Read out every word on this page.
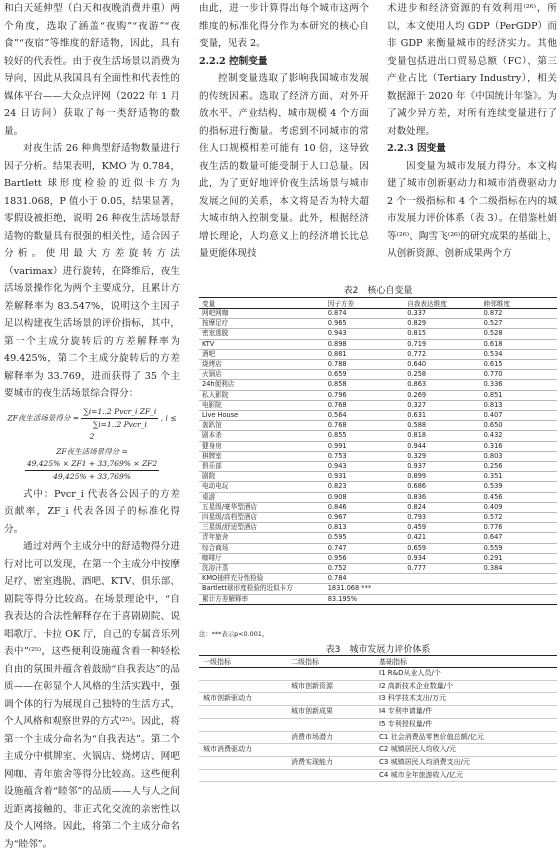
和白天延伸型（白天和夜晚消费并重）两个角度，选取了涵盖“夜购”“夜游”“夜食”“夜宿”等维度的舒适物，因此，具有较好的代表性。由于夜生活场景以消费为导向，因此从我国具有全面性和代表性的媒体平台——大众点评网（2022 年 1 月 24 日访问）获取了每一类舒适物的数量。

对夜生活 26 种典型舒适物数量进行因子分析。结果表明，KMO 为 0.784，Bartlett 球形度检验的近似卡方为 1831.068，P 值小于 0.05，结果显著，零假设被拒绝，说明 26 种夜生活场景舒适物的数量具有很强的相关性，适合因子分析。使用最大方差旋转方法（varimax）进行旋转，在降维后，夜生活场景操作化为两个主要成分，且累计方差解释率为 83.547%，说明这个主因子足以构建夜生活场景的评价指标，其中，第一个主成分旋转后的方差解释率为 49.425%，第二个主成分旋转后的方差解释率为 33.769，进而获得了 35 个主要城市的夜生活场景综合得分：

ZF夜生活场景得分 = $\frac{\text{∑i=1..2 Pvcr\_i ZF\_i}}{\text{∑i=1..2 Pvcr\_i}}$ , i ≤ 2
ZF夜生活场景得分 =
$\frac{49,425\% \times ZF1 + 33,769\% \times ZF2}{49,425\% + 33,769\%}$

式中：Pvcr_i 代表各公因子的方差贡献率，ZF_i 代表各因子的标准化得分。

通过对两个主成分中的舒适物得分进行对比可以发现，在第一个主成分中按摩足疗、密室逃脱、酒吧、KTV、俱乐部、剧院等得分比较高。在场景理论中，“自我表达的合法性解释存在于喜剧剧院、说唱歌厅、卡拉 OK 厅，自己的专属音乐列表中”⁽²⁵⁾，这些便利设施蕴含着一种轻松自由的氛围并蕴含着鼓励“自我表达”的品质——在彰显个人风格的生活实践中，强调个体的行为展现自己独特的生活方式，个人风格和观察世界的方式⁽²⁵⁾。因此，将第一个主成分命名为“自我表达”。第二个主成分中棋牌室、火锅店、烧烤店、网吧网咖、青年旅舍等得分比较高。这些便利设施蕴含着“睦邻”的品质——人与人之间近距离接触的、非正式化交流的亲密性以及个人网络。因此，将第二个主成分命名为“睦邻”。

由此，进一步计算得出每个城市这两个维度的标准化得分作为本研究的核心自变量，见表 2。

2.2.2 控制变量

控制变量选取了影响我国城市发展的传统因素。选取了经济方面、对外开放水平、产业结构、城市规模 4 个方面的指标进行衡量。考虑到不同城市的常住人口规模相差可能有 10 倍，这导致夜生活的数量可能受制于人口总量。因此，为了更好地评价夜生活场景与城市发展之间的关系，本文将是否为特大超大城市纳入控制变量。此外，根据经济增长理论，人均意义上的经济增长比总量更能体现技

术进步和经济资源的有效利用⁽²⁶⁾，所以，本文使用人均 GDP（PerGDP）而非 GDP 来衡量城市的经济实力。其他变量包括进出口贸易总额（FC）、第三产业占比（Tertiary Industry），相关数据源于 2020 年《中国统计年鉴》。为了减少异方差，对所有连续变量进行了对数处理。

2.2.3 因变量

因变量为城市发展力得分。本文构建了城市创新驱动力和城市消费驱动力 2 个一级指标和 4 个二级指标在内的城市发展力评价体系（表 3）。在借鉴杜娟等⁽²⁶⁾、陶雪飞⁽²⁶⁾的研究成果的基础上，从创新资源、创新成果两个方

表2　核心自变量
变量	因子方差	自我表达维度	睦邻维度
网吧网咖	0.874	0.337	0.872
按摩足疗	0.965	0.829	0.527
密室逃脱	0.943	0.815	0.528
KTV	0.898	0.719	0.618
酒吧	0.881	0.772	0.534
烧烤店	0.788	0.640	0.615
火锅店	0.659	0.258	0.770
24h便利店	0.858	0.863	0.336
私人影院	0.796	0.269	0.851
电影院	0.768	0.327	0.813
Live House	0.564	0.631	0.407
轰趴馆	0.768	0.588	0.650
剧本杀	0.855	0.818	0.432
健身房	0.991	0.944	0.316
棋牌室	0.753	0.329	0.803
俱乐部	0.943	0.937	0.256
剧院	0.931	0.899	0.351
电动电玩	0.823	0.686	0.539
桌游	0.908	0.836	0.456
五星级/豪华型酒店	0.846	0.824	0.409
四星级/高档型酒店	0.967	0.793	0.572
三星级/舒适型酒店	0.813	0.459	0.776
青年旅舍	0.595	0.421	0.647
综合商场	0.747	0.659	0.559
咖啡厅	0.956	0.934	0.291
洗浴汗蒸	0.752	0.777	0.384
KMO抽样充分性检验	0.784		
Bartlett球形度检验的近似卡方	1831.068 ***		
累计方差解释率	83.195%		
注：***表示p<0.001。
表3　城市发展力评价体系
一级指标	二级指标	基础指标
		I1 R&D从业人员/个
	城市创新资源	I2 高新技术企业数量/个
城市创新驱动力		I3 科学技术支出/万元
	城市创新成果	I4 专利申请量/件
		I5 专利授权量/件
	消费市场潜力	C1 社会消费品零售价值总额/亿元
城市消费驱动力		C2 城镇居民人均收入/元
	消费实现能力	C3 城镇居民人均消费支出/元
		C4 城市全年旅游收入/亿元
